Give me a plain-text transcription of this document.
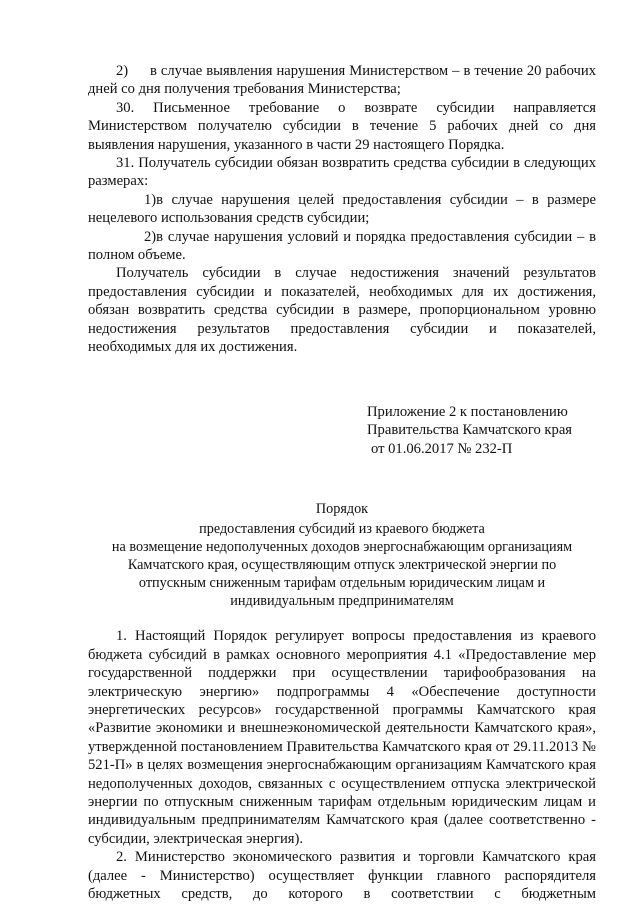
2) в случае выявления нарушения Министерством – в течение 20 рабочих дней со дня получения требования Министерства;

30. Письменное требование о возврате субсидии направляется Министерством получателю субсидии в течение 5 рабочих дней со дня выявления нарушения, указанного в части 29 настоящего Порядка.

31. Получатель субсидии обязан возвратить средства субсидии в следующих размерах:

1)в случае нарушения целей предоставления субсидии – в размере нецелевого использования средств субсидии;

2)в случае нарушения условий и порядка предоставления субсидии – в полном объеме.

Получатель субсидии в случае недостижения значений результатов предоставления субсидии и показателей, необходимых для их достижения, обязан возвратить средства субсидии в размере, пропорциональном уровню недостижения результатов предоставления субсидии и показателей, необходимых для их достижения.

Приложение 2 к постановлению
Правительства Камчатского края
от 01.06.2017 № 232-П
Порядок
предоставления субсидий из краевого бюджета
на возмещение недополученных доходов энергоснабжающим организациям
Камчатского края, осуществляющим отпуск электрической энергии по
отпускным сниженным тарифам отдельным юридическим лицам и
индивидуальным предпринимателям

1. Настоящий Порядок регулирует вопросы предоставления из краевого бюджета субсидий в рамках основного мероприятия 4.1 «Предоставление мер государственной поддержки при осуществлении тарифообразования на электрическую энергию» подпрограммы 4 «Обеспечение доступности энергетических ресурсов» государственной программы Камчатского края «Развитие экономики и внешнеэкономической деятельности Камчатского края», утвержденной постановлением Правительства Камчатского края от 29.11.2013 № 521-П» в целях возмещения энергоснабжающим организациям Камчатского края недополученных доходов, связанных с осуществлением отпуска электрической энергии по отпускным сниженным тарифам отдельным юридическим лицам и индивидуальным предпринимателям Камчатского края (далее соответственно - субсидии, электрическая энергия).

2. Министерство экономического развития и торговли Камчатского края (далее - Министерство) осуществляет функции главного распорядителя бюджетных средств, до которого в соответствии с бюджетным
